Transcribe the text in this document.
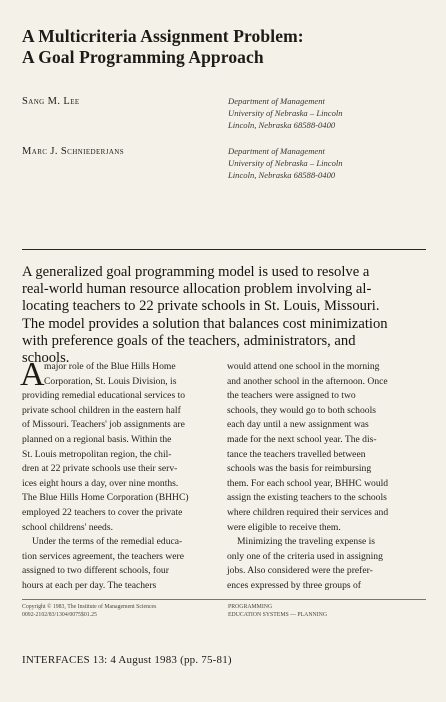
A Multicriteria Assignment Problem:
A Goal Programming Approach
Sang M. Lee	Department of Management
University of Nebraska – Lincoln
Lincoln, Nebraska 68588-0400
Marc J. Schniederjans	Department of Management
University of Nebraska – Lincoln
Lincoln, Nebraska 68588-0400
A generalized goal programming model is used to resolve a
real-world human resource allocation problem involving al-
locating teachers to 22 private schools in St. Louis, Missouri.
The model provides a solution that balances cost minimization
with preference goals of the teachers, administrators, and
schools.
A major role of the Blue Hills Home
Corporation, St. Louis Division, is
providing remedial educational services to
private school children in the eastern half
of Missouri. Teachers' job assignments are
planned on a regional basis. Within the
St. Louis metropolitan region, the chil-
dren at 22 private schools use their serv-
ices eight hours a day, over nine months.
The Blue Hills Home Corporation (BHHC)
employed 22 teachers to cover the private
school childrens' needs.
Under the terms of the remedial educa-
tion services agreement, the teachers were
assigned to two different schools, four
hours at each per day. The teachers
would attend one school in the morning
and another school in the afternoon. Once
the teachers were assigned to two
schools, they would go to both schools
each day until a new assignment was
made for the next school year. The dis-
tance the teachers travelled between
schools was the basis for reimbursing
them. For each school year, BHHC would
assign the existing teachers to the schools
where children required their services and
were eligible to receive them.
Minimizing the traveling expense is
only one of the criteria used in assigning
jobs. Also considered were the prefer-
ences expressed by three groups of
Copyright © 1983, The Institute of Management Sciences
0092-2102/83/1304/0075$01.25
PROGRAMMING
EDUCATION SYSTEMS — PLANNING
INTERFACES 13: 4 August 1983 (pp. 75-81)
